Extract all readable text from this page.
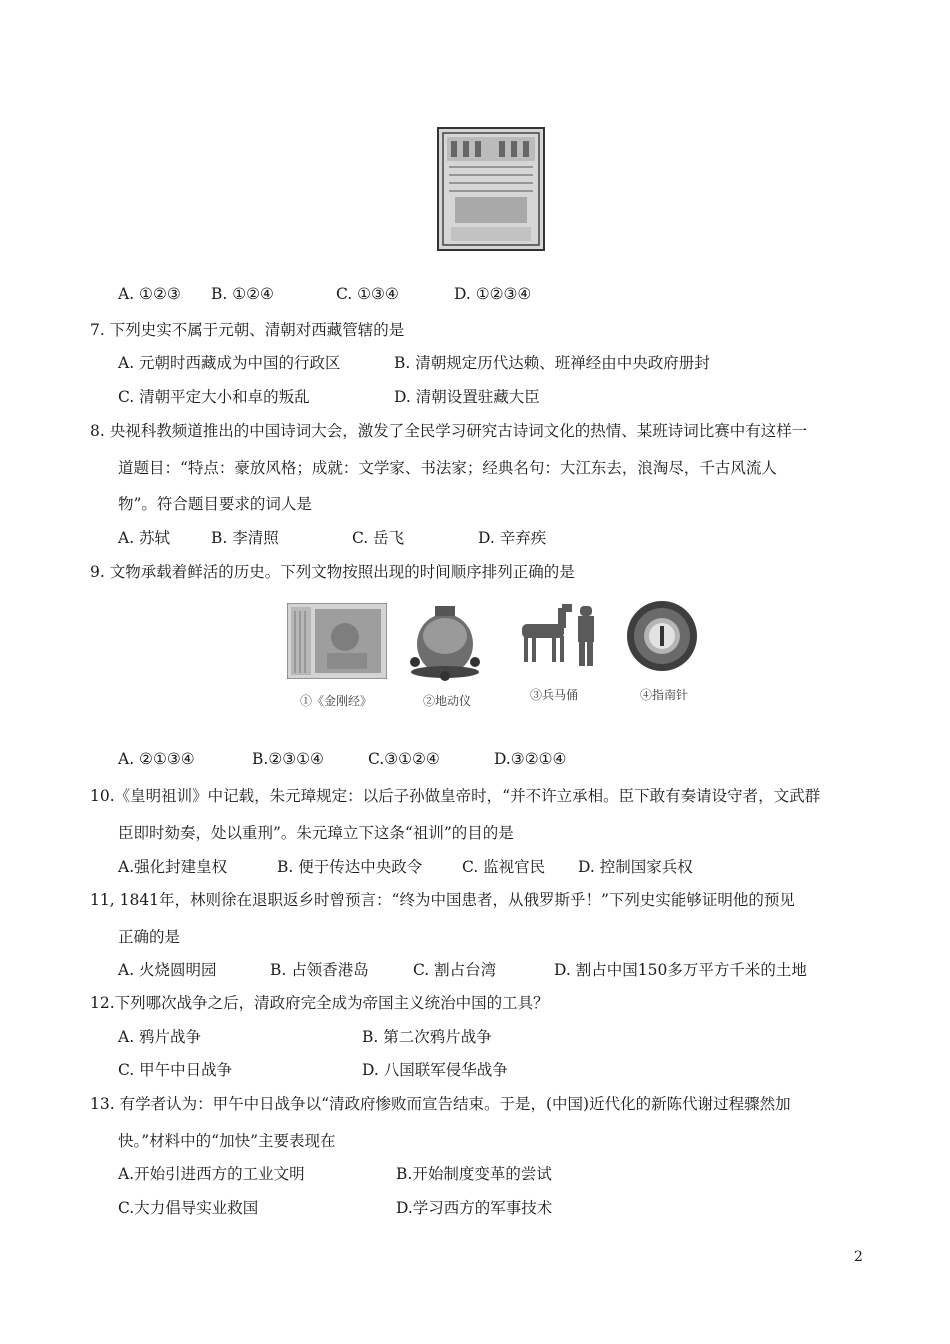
A. ①②③ B. ①②④	C. ①③④	D. ①②③④
7. 下列史实不属于元朝、清朝对西藏管辖的是
A. 元朝时西藏成为中国的行政区	B. 清朝规定历代达赖、班禅经由中央政府册封
C. 清朝平定大小和卓的叛乱	D. 清朝设置驻藏大臣
8. 央视科教频道推出的中国诗词大会，激发了全民学习研究古诗词文化的热情、某班诗词比赛中有这样一
道题目：“特点：豪放风格；成就：文学家、书法家；经典名句：大江东去，浪淘尽，千古风流人
物”。符合题目要求的词人是
A. 苏轼	B. 李清照	C. 岳飞	D. 辛弃疾
9. 文物承载着鲜活的历史。下列文物按照出现的时间顺序排列正确的是
①《金刚经》	②地动仪	③兵马俑	④指南针
A. ②①③④	B.②③①④	C.③①②④	D.③②①④
10.《皇明祖训》中记载，朱元璋规定：以后子孙做皇帝时，“并不许立承相。臣下敢有奏请设守者，文武群
臣即时劾奏，处以重刑”。朱元璋立下这条“祖训”的目的是
A.强化封建皇权	B. 便于传达中央政令	C. 监视官民 D. 控制国家兵权
11, 1841年，林则徐在退职返乡时曾预言：“终为中国患者，从俄罗斯乎！”下列史实能够证明他的预见
正确的是
A. 火烧圆明园	B. 占领香港岛	C. 割占台湾	D. 割占中国150多万平方千米的土地
12.下列哪次战争之后，清政府完全成为帝国主义统治中国的工具？
A. 鸦片战争	B. 第二次鸦片战争
C. 甲午中日战争	D. 八国联军侵华战争
13. 有学者认为：甲午中日战争以“清政府惨败而宣告结束。于是，(中国)近代化的新陈代谢过程骤然加
快。”材料中的“加快”主要表现在
A.开始引进西方的工业文明	B.开始制度变革的尝试
C.大力倡导实业救国	D.学习西方的军事技术
2
